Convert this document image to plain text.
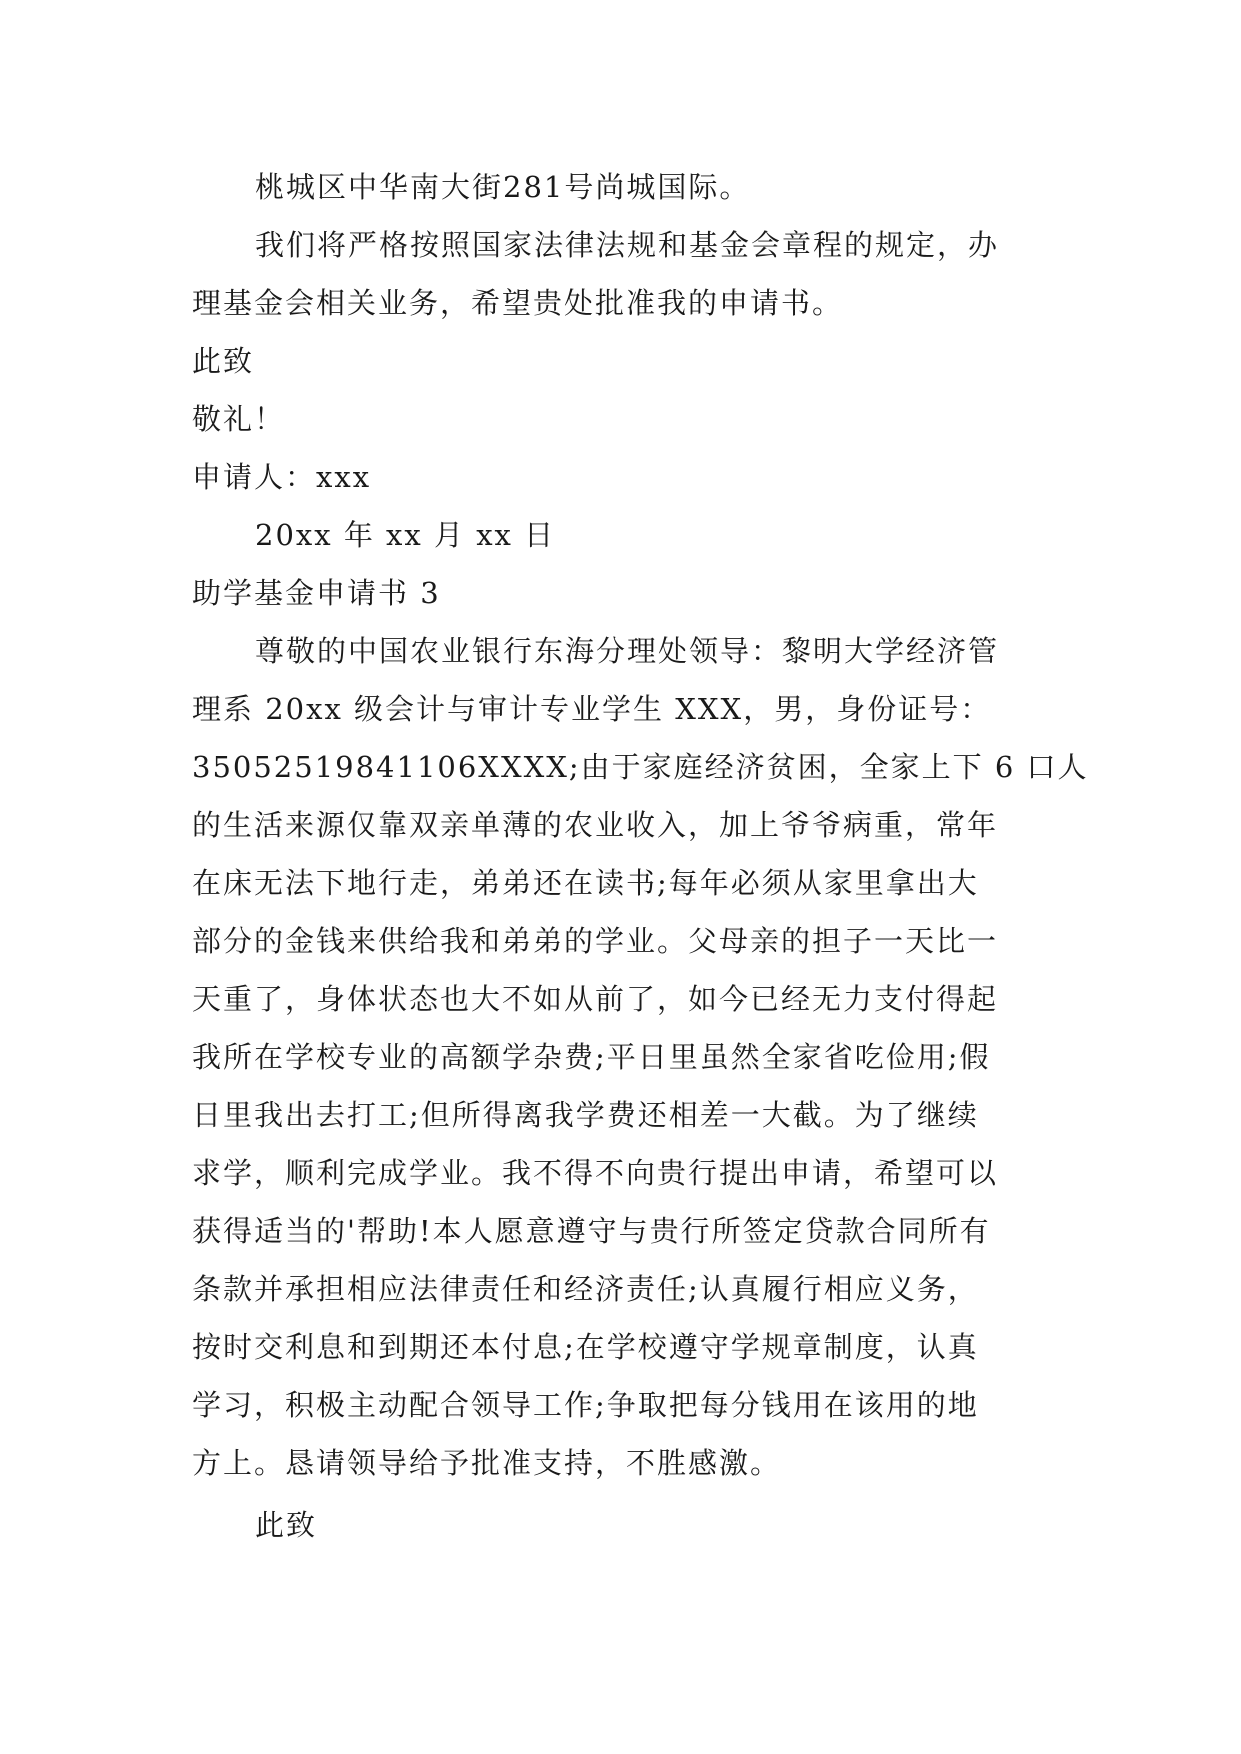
桃城区中华南大街281号尚城国际。
我们将严格按照国家法律法规和基金会章程的规定，办
理基金会相关业务，希望贵处批准我的申请书。
此致
敬礼！
申请人：xxx
20xx 年 xx 月 xx 日
助学基金申请书 3
尊敬的中国农业银行东海分理处领导：黎明大学经济管
理系 20xx 级会计与审计专业学生 XXX，男，身份证号：
35052519841106XXXX;由于家庭经济贫困，全家上下 6 口人
的生活来源仅靠双亲单薄的农业收入，加上爷爷病重，常年
在床无法下地行走，弟弟还在读书;每年必须从家里拿出大
部分的金钱来供给我和弟弟的学业。父母亲的担子一天比一
天重了，身体状态也大不如从前了，如今已经无力支付得起
我所在学校专业的高额学杂费;平日里虽然全家省吃俭用;假
日里我出去打工;但所得离我学费还相差一大截。为了继续
求学，顺利完成学业。我不得不向贵行提出申请，希望可以
获得适当的'帮助!本人愿意遵守与贵行所签定贷款合同所有
条款并承担相应法律责任和经济责任;认真履行相应义务，
按时交利息和到期还本付息;在学校遵守学规章制度，认真
学习，积极主动配合领导工作;争取把每分钱用在该用的地
方上。恳请领导给予批准支持，不胜感激。
此致
